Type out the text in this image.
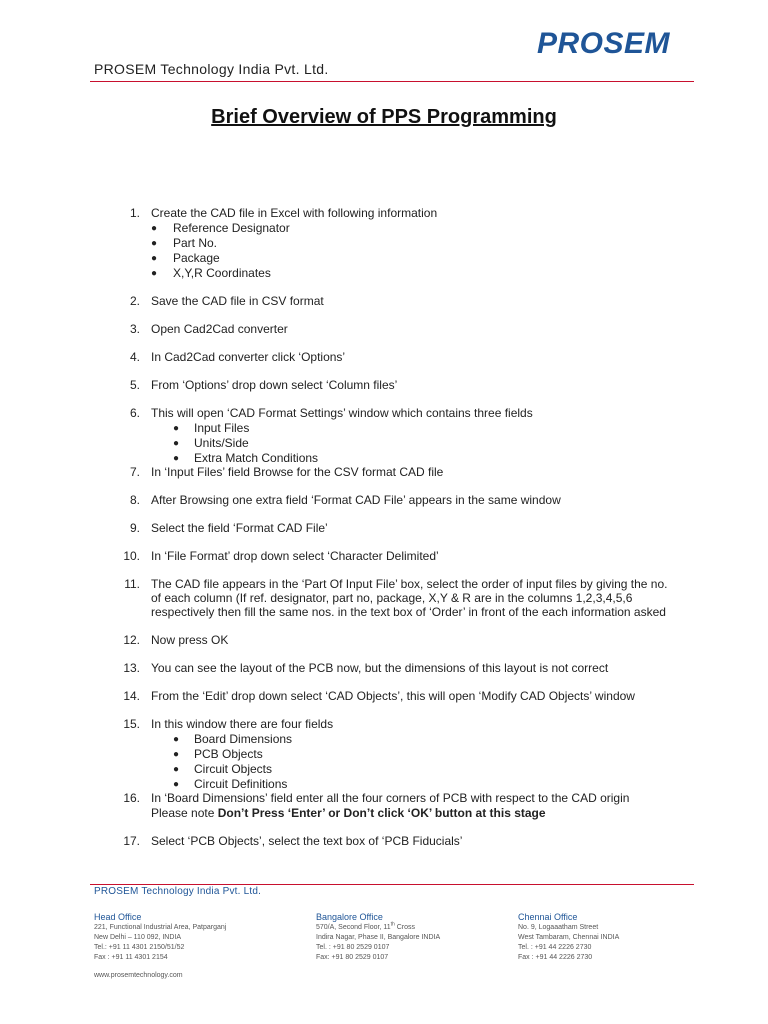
PROSEM
PROSEM Technology India Pvt. Ltd.
Brief Overview of PPS Programming
1. Create the CAD file in Excel with following information
● Reference Designator
● Part No.
● Package
● X,Y,R Coordinates
2. Save the CAD file in CSV format
3. Open Cad2Cad converter
4. In Cad2Cad converter click ‘Options’
5. From ‘Options’ drop down select ‘Column files’
6. This will open ‘CAD Format Settings’ window which contains three fields
● Input Files
● Units/Side
● Extra Match Conditions
7. In ‘Input Files’ field Browse for the CSV format CAD file
8. After Browsing one extra field ‘Format CAD File’ appears in the same window
9. Select the field ‘Format CAD File’
10. In ‘File Format’ drop down select ‘Character Delimited’
11. The CAD file appears in the ‘Part Of Input File’ box, select the order of input files by giving the no.
of each column (If ref. designator, part no, package, X,Y & R are in the columns 1,2,3,4,5,6
respectively then fill the same nos. in the text box of ‘Order’ in front of the each information asked
12. Now press OK
13. You can see the layout of the PCB now, but the dimensions of this layout is not correct
14. From the ‘Edit’ drop down select ‘CAD Objects’, this will open ‘Modify CAD Objects’ window
15. In this window there are four fields
● Board Dimensions
● PCB Objects
● Circuit Objects
● Circuit Definitions
16. In ‘Board Dimensions’ field enter all the four corners of PCB with respect to the CAD origin
Please note Don’t Press ‘Enter’ or Don’t click ‘OK’ button at this stage
17. Select ‘PCB Objects’, select the text box of ‘PCB Fiducials’
PROSEM Technology India Pvt. Ltd.
Head Office
221, Functional Industrial Area, Patparganj
New Delhi – 110 092, INDIA
Tel.: +91 11 4301 2150/51/52
Fax : +91 11 4301 2154
Bangalore Office
570/A, Second Floor, 11th Cross
Indira Nagar, Phase II, Bangalore INDIA
Tel. : +91 80 2529 0107
Fax: +91 80 2529 0107
Chennai Office
No. 9, Logaaatham Street
West Tambaram, Chennai INDIA
Tel. : +91 44 2226 2730
Fax : +91 44 2226 2730
www.prosemtechnology.com
